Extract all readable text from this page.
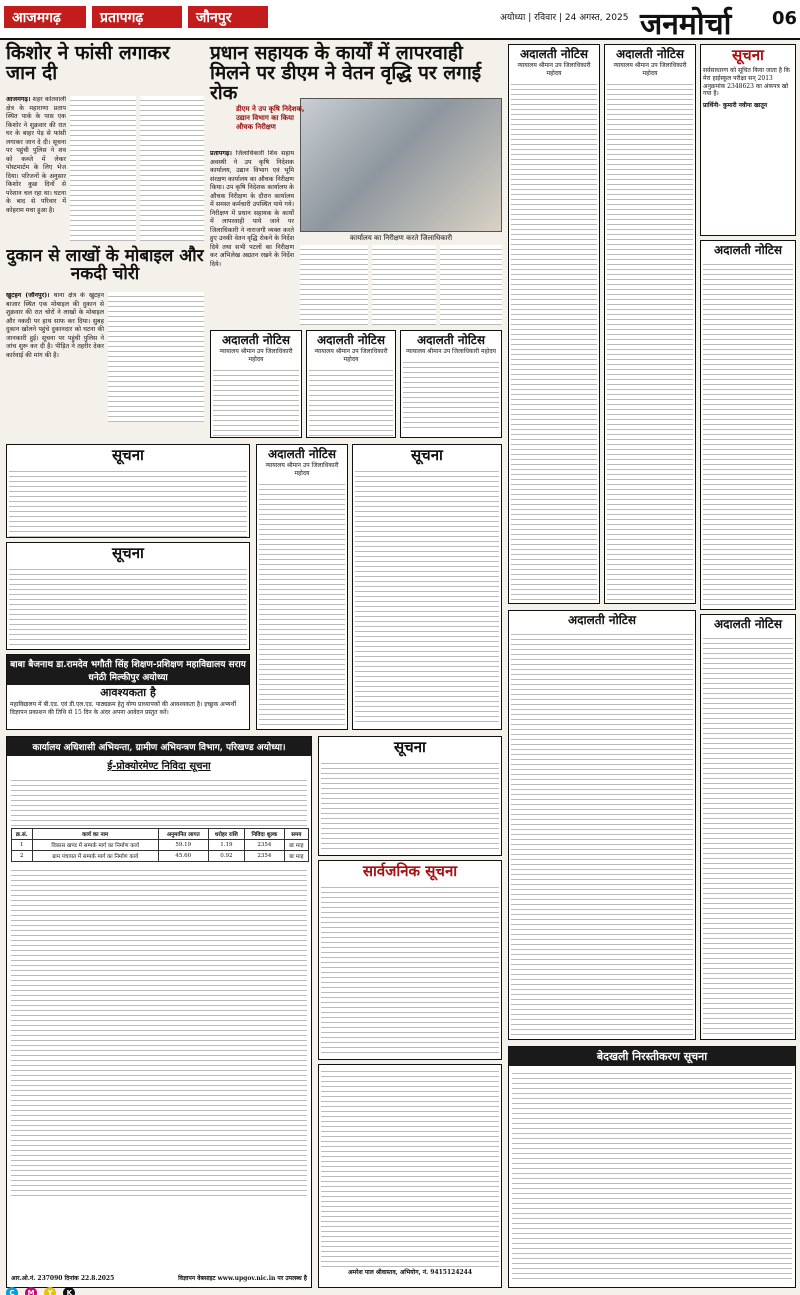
आजमगढ़	प्रतापगढ़	जौनपुर	अयोध्या | रविवार | 24 अगस्त, 2025 जनमोर्चा 06
किशोर ने फांसी लगाकर जान दी
आजमगढ़। शहर कोतवाली क्षेत्र के महाराणा प्रताप स्थित पार्क के पास एक किशोर ने शुक्रवार की रात घर के बाहर पेड़ से फांसी लगाकर जान दे दी। सूचना पर पहुंची पुलिस ने शव को कब्जे में लेकर पोस्टमार्टम के लिए भेज दिया। परिजनों के अनुसार किशोर कुछ दिनों से परेशान चल रहा था। घटना के बाद से परिवार में कोहराम मचा हुआ है।
दुकान से लाखों के मोबाइल और नकदी चोरी
खुटहन (जौनपुर)। थाना क्षेत्र के खुटहन बाजार स्थित एक मोबाइल की दुकान से शुक्रवार की रात चोरों ने लाखों के मोबाइल और नकदी पर हाथ साफ कर दिया। सुबह दुकान खोलने पहुंचे दुकानदार को घटना की जानकारी हुई। सूचना पर पहुंची पुलिस ने जांच शुरू कर दी है। पीड़ित ने तहरीर देकर कार्रवाई की मांग की है।
प्रधान सहायक के कार्यों में लापरवाही मिलने पर डीएम ने वेतन वृद्धि पर लगाई रोक
डीएम ने उप कृषि निदेशक,
उद्यान विभाग का किया
औचक निरीक्षण
कार्यालय का निरीक्षण करते जिलाधिकारी
प्रतापगढ़। जिलाधिकारी शिव सहाय अवस्थी ने उप कृषि निदेशक कार्यालय, उद्यान विभाग एवं भूमि संरक्षण कार्यालय का औचक निरीक्षण किया। उप कृषि निदेशक कार्यालय के औचक निरीक्षण के दौरान कार्यालय में समस्त कर्मचारी उपस्थित पाये गये। निरीक्षण में प्रधान सहायक के कार्यों में लापरवाही पाये जाने पर जिलाधिकारी ने नाराजगी व्यक्त करते हुए उनकी वेतन वृद्धि रोकने के निर्देश दिये तथा सभी पटलों का निरीक्षण कर अभिलेख अद्यतन रखने के निर्देश दिये।
अदालती नोटिस
न्यायालय श्रीमान उप जिलाधिकारी महोदय
अदालती नोटिस
न्यायालय श्रीमान उप जिलाधिकारी महोदय
अदालती नोटिस
न्यायालय श्रीमान उप जिलाधिकारी महोदय
सूचना
सूचना
बाबा बैजनाथ डा.रामदेव भगौती सिंह शिक्षण-प्रशिक्षण महाविद्यालय सराय धनेठी मिल्कीपुर अयोध्या
आवश्यकता है
महाविद्यालय में बी.एड. एवं डी.एल.एड. पाठ्यक्रम हेतु योग्य प्राध्यापकों की आवश्यकता है। इच्छुक अभ्यर्थी विज्ञापन प्रकाशन की तिथि से 15 दिन के अंदर अपना आवेदन प्रस्तुत करें।
अदालती नोटिस
न्यायालय श्रीमान उप जिलाधिकारी महोदय
सूचना
कार्यालय अधिशासी अभियन्ता, ग्रामीण अभियन्त्रण विभाग, परिखण्ड अयोध्या।
ई-प्रोक्योरमेण्ट निविदा सूचना
क्र.सं.	कार्य का नाम	अनुमानित लागत	धरोहर राशि	निविदा शुल्क	समय
1	विकास खण्ड में सम्पर्क मार्ग का निर्माण कार्य	59.19	1.19	2354	छः माह
2	ग्राम पंचायत में सम्पर्क मार्ग का निर्माण कार्य	45.60	0.92	2354	छः माह
आर.ओ.नं. 237090 दिनांक 22.8.2025	विज्ञापन वेबसाइट www.upgov.nic.in पर उपलब्ध है
सूचना
सार्वजनिक सूचना
अमरेश पाल श्रीवास्तव, अभियोग, नं. 9415124244
अदालती नोटिस
न्यायालय श्रीमान उप जिलाधिकारी महोदय
अदालती नोटिस
न्यायालय श्रीमान उप जिलाधिकारी महोदय
अदालती नोटिस
बेदखली निरस्तीकरण सूचना
सूचना
सर्वसाधारण को सूचित किया जाता है कि मेरा हाईस्कूल परीक्षा सन् 2013 अनुक्रमांक 2348623 का अंकपत्र खो गया है।
प्रार्थिनी- कुमारी नवीना खातून
अदालती नोटिस
अदालती नोटिस
C M Y K
